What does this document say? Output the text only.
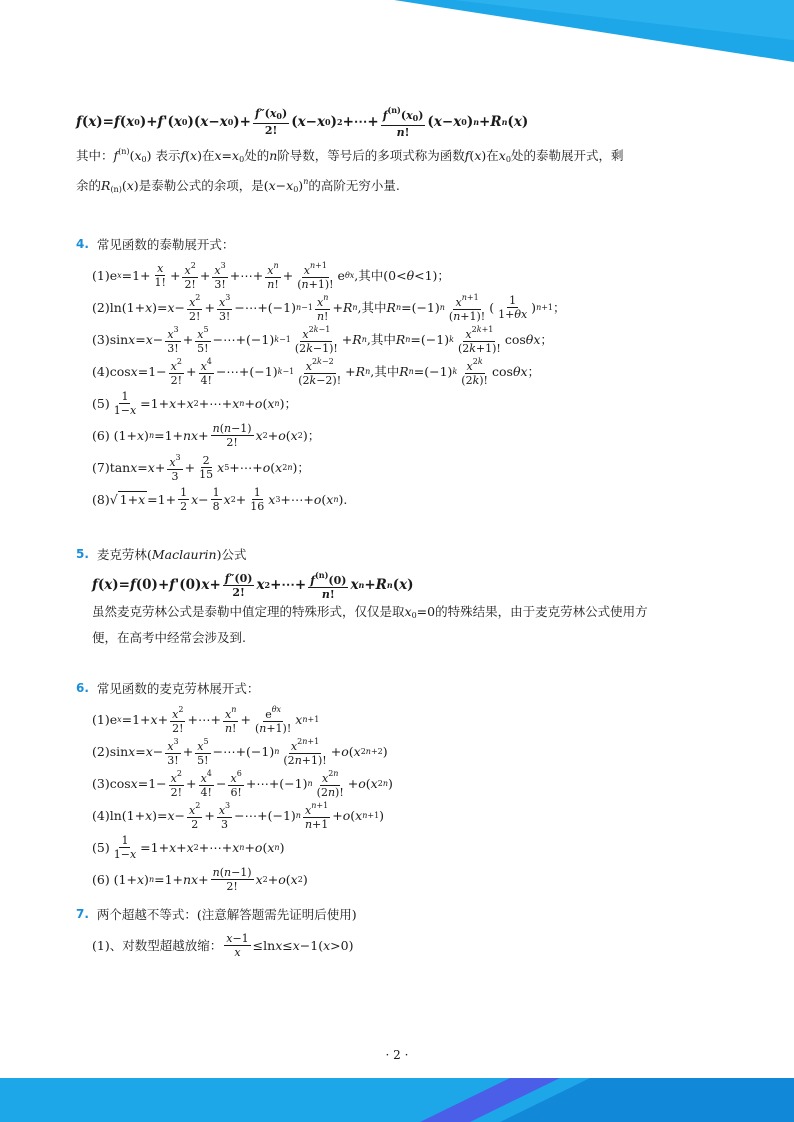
f ( x )= f ( x 0 )+ f '( x 0 )( x − x 0 )+ $\frac{f''(x_0)}{2!}$ ( x − x 0 ) 2 +⋯+ $\frac{f^{(n)}(x_0)}{n!}$ ( x − x 0 ) n + R n ( x )
其中：$f^{(n)}(x_0)$ 表示f(x)在$x=x_0$处的n阶导数，等号后的多项式称为函数f(x)在$x_0$处的泰勒展开式，剩
余的$R_{(n)}(x)$是泰勒公式的余项，是$(x-x_0)^n$的高阶无穷小量.
4. 常见函数的泰勒展开式：
(1)e $x =1+ \frac{x}{1!} + \frac{x^2}{2!} + \frac{x^3}{3!}$ +⋯+ $\frac{x^n}{n!} + \frac{x^{n+1}}{(n+1)!}$ e θx ,其中 (0< θ <1)；
(2)ln(1+ x )= $x - \frac{x^2}{2!} + \frac{x^3}{3!}$ −⋯+(−1) $n-1 \frac{x^n}{n!} + R$ n ,其中 R n =(−1) n $\frac{x^{n+1}}{(n+1)!}$ ( $\frac{1}{1+\theta x}$ ) n+1 ；
(3)sin $x = x - \frac{x^3}{3!} + \frac{x^5}{5!}$ −⋯+(−1) $k-1 \frac{x^{2k-1}}{(2k-1)!} + R$ n ,其中 R n =(−1) k $\frac{x^{2k+1}}{(2k+1)!}$ cos θx ；
(4)cos $x =1- \frac{x^2}{2!} + \frac{x^4}{4!}$ −⋯+(−1) $k-1 \frac{x^{2k-2}}{(2k-2)!} + R$ n ,其中 R n =(−1) k $\frac{x^{2k}}{(2k)!}$ cos θx ；
$(5) \frac{1}{1-x} =1+ x + x$ 2 +⋯+ x n + o ( x n )；
(6) (1+ x ) n =1+ nx + $\frac{n(n-1)}{2!}$ x 2 + o ( x 2 )；
(7)tan $x = x + \frac{x^3}{3} + \frac{2}{15}$ x 5 +⋯+ o ( x 2n )；
(8)√ $1+x =1+ \frac{1}{2}$ $x - \frac{1}{8}$ x $2 + \frac{1}{16}$ x 3 +⋯+ o ( x n ).
5. 麦克劳林(Maclaurin)公式
f ( x )= f (0)+ f '(0) $x + \frac{f''(0)}{2!}$ x 2 +⋯+ $\frac{f^{(n)}(0)}{n!}$ x n + R n ( x )
虽然麦克劳林公式是泰勒中值定理的特殊形式，仅仅是取$x_0=0$的特殊结果，由于麦克劳林公式使用方
便，在高考中经常会涉及到.
6. 常见函数的麦克劳林展开式：
(1)e $x =1+ x + \frac{x^2}{2!}$ +⋯+ $\frac{x^n}{n!} + \frac{e^{\theta x}}{(n+1)!}$ x n+1
(2)sin $x = x - \frac{x^3}{3!} + \frac{x^5}{5!}$ −⋯+(−1) n $\frac{x^{2n+1}}{(2n+1)!} + o$ ( x 2n+2 )
(3)cos $x =1- \frac{x^2}{2!} + \frac{x^4}{4!} - \frac{x^6}{6!}$ +⋯+(−1) n $\frac{x^{2n}}{(2n)!} + o$ ( x 2n )
(4)ln(1+ x )= $x - \frac{x^2}{2} + \frac{x^3}{3}$ −⋯+(−1) n $\frac{x^{n+1}}{n+1} + o$ ( x n+1 )
$(5) \frac{1}{1-x} =1+ x + x$ 2 +⋯+ x n + o ( x n )
(6) (1+ x ) n =1+ nx + $\frac{n(n-1)}{2!}$ x 2 + o ( x 2 )
7. 两个超越不等式：(注意解答题需先证明后使用)
(1)、对数型超越放缩： $\frac{x-1}{x} \le\ln$ x ≤ x −1( x >0)
· 2 ·
